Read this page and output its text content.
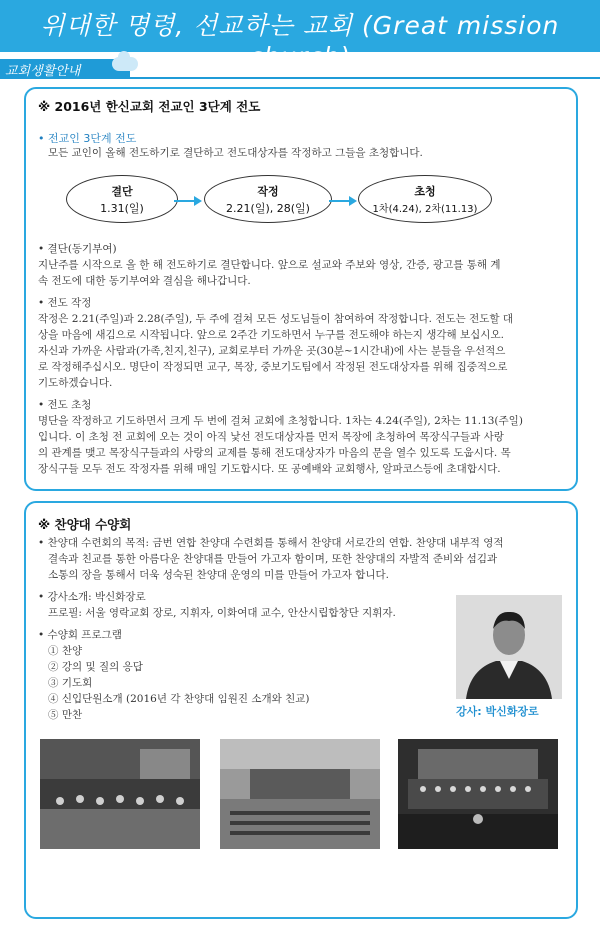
위대한 명령, 선교하는 교회 (Great mission church)
교회생활안내
※ 2016년 한신교회 전교인 3단계 전도
• 전교인 3단계 전도
모든 교인이 올해 전도하기로 결단하고 전도대상자를 작정하고 그들을 초청합니다.
결단
1.31(일)
작정
2.21(일), 28(일)
초청
1차(4.24), 2차(11.13)
• 결단(동기부여)
지난주를 시작으로 올 한 해 전도하기로 결단합니다. 앞으로 설교와 주보와 영상, 간증, 광고를 통해 계
속 전도에 대한 동기부여와 결심을 해나갑니다.
• 전도 작정
작정은 2.21(주일)과 2.28(주일), 두 주에 걸쳐 모든 성도님들이 참여하여 작정합니다. 전도는 전도할 대
상을 마음에 새김으로 시작됩니다. 앞으로 2주간 기도하면서 누구를 전도해야 하는지 생각해 보십시오.
자신과 가까운 사람과(가족,친지,친구), 교회로부터 가까운 곳(30분~1시간내)에 사는 분들을 우선적으
로 작정해주십시오. 명단이 작정되면 교구, 목장, 중보기도팀에서 작정된 전도대상자를 위해 집중적으로
기도하겠습니다.
• 전도 초청
명단을 작정하고 기도하면서 크게 두 번에 걸쳐 교회에 초청합니다. 1차는 4.24(주일), 2차는 11.13(주일)
입니다. 이 초청 전 교회에 오는 것이 아직 낯선 전도대상자를 먼저 목장에 초청하여 목장식구들과 사랑
의 관계를 맺고 목장식구들과의 사랑의 교제를 통해 전도대상자가 마음의 문을 열수 있도록 도웁시다. 목
장식구들 모두 전도 작정자를 위해 매일 기도합시다. 또 공예배와 교회행사, 알파코스등에 초대합시다.
※ 찬양대 수양회
• 찬양대 수련회의 목적: 금번 연합 찬양대 수련회를 통해서 찬양대 서로간의 연합. 찬양대 내부적 영적
결속과 친교를 통한 아름다운 찬양대를 만들어 가고자 함이며, 또한 찬양대의 자발적 준비와 섬김과
소통의 장을 통해서 더욱 성숙된 찬양대 운영의 미를 만들어 가고자 합니다.
• 강사소개: 박신화장로
프로필: 서울 영락교회 장로, 지휘자, 이화여대 교수, 안산시립합창단 지휘자.
• 수양회 프로그램
① 찬양
② 강의 및 질의 응답
③ 기도회
④ 신입단원소개 (2016년 각 찬양대 임원진 소개와 친교)
⑤ 만찬	강사: 박신화장로
